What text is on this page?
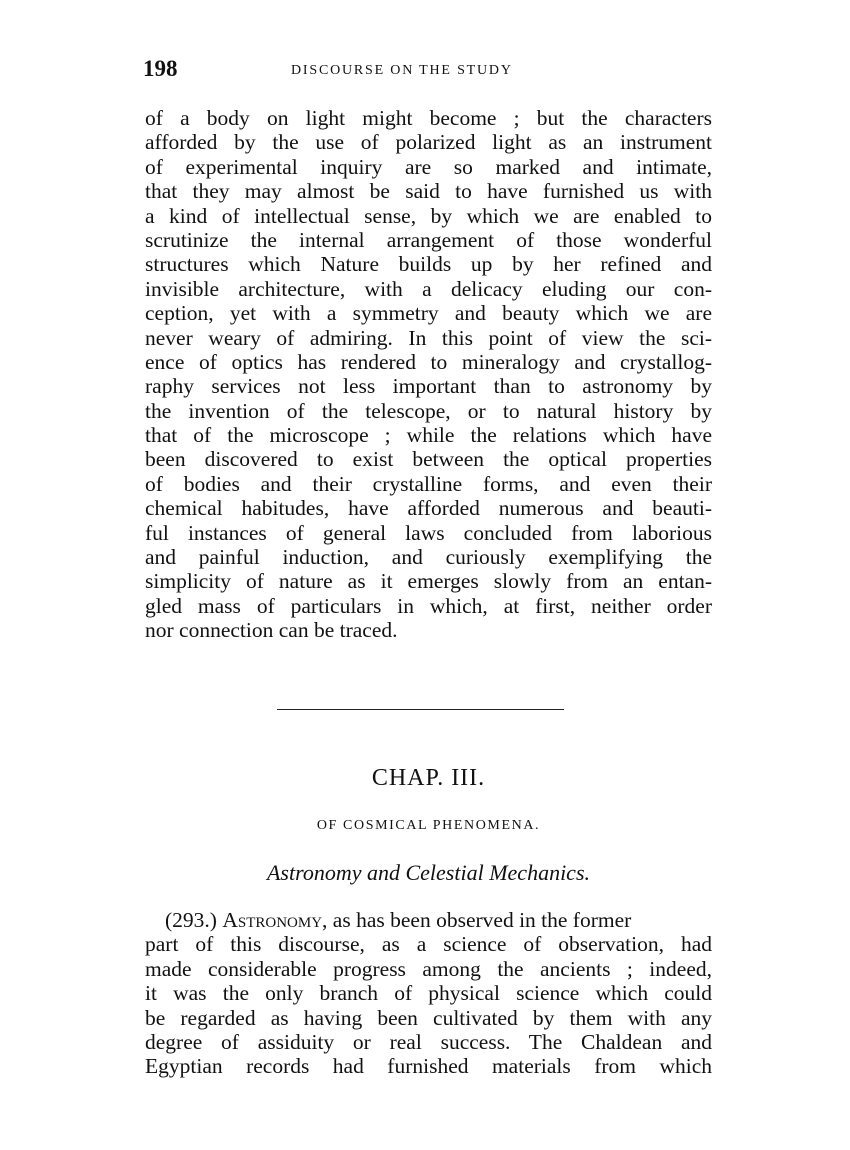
198	DISCOURSE ON THE STUDY
of a body on light might become ; but the characters
afforded by the use of polarized light as an instrument
of experimental inquiry are so marked and intimate,
that they may almost be said to have furnished us with
a kind of intellectual sense, by which we are enabled to
scrutinize the internal arrangement of those wonderful
structures which Nature builds up by her refined and
invisible architecture, with a delicacy eluding our con-
ception, yet with a symmetry and beauty which we are
never weary of admiring. In this point of view the sci-
ence of optics has rendered to mineralogy and crystallog-
raphy services not less important than to astronomy by
the invention of the telescope, or to natural history by
that of the microscope ; while the relations which have
been discovered to exist between the optical properties
of bodies and their crystalline forms, and even their
chemical habitudes, have afforded numerous and beauti-
ful instances of general laws concluded from laborious
and painful induction, and curiously exemplifying the
simplicity of nature as it emerges slowly from an entan-
gled mass of particulars in which, at first, neither order
nor connection can be traced.
CHAP. III.
OF COSMICAL PHENOMENA.
Astronomy and Celestial Mechanics.
(293.) Astronomy, as has been observed in the former
part of this discourse, as a science of observation, had
made considerable progress among the ancients ; indeed,
it was the only branch of physical science which could
be regarded as having been cultivated by them with any
degree of assiduity or real success. The Chaldean and
Egyptian records had furnished materials from which
